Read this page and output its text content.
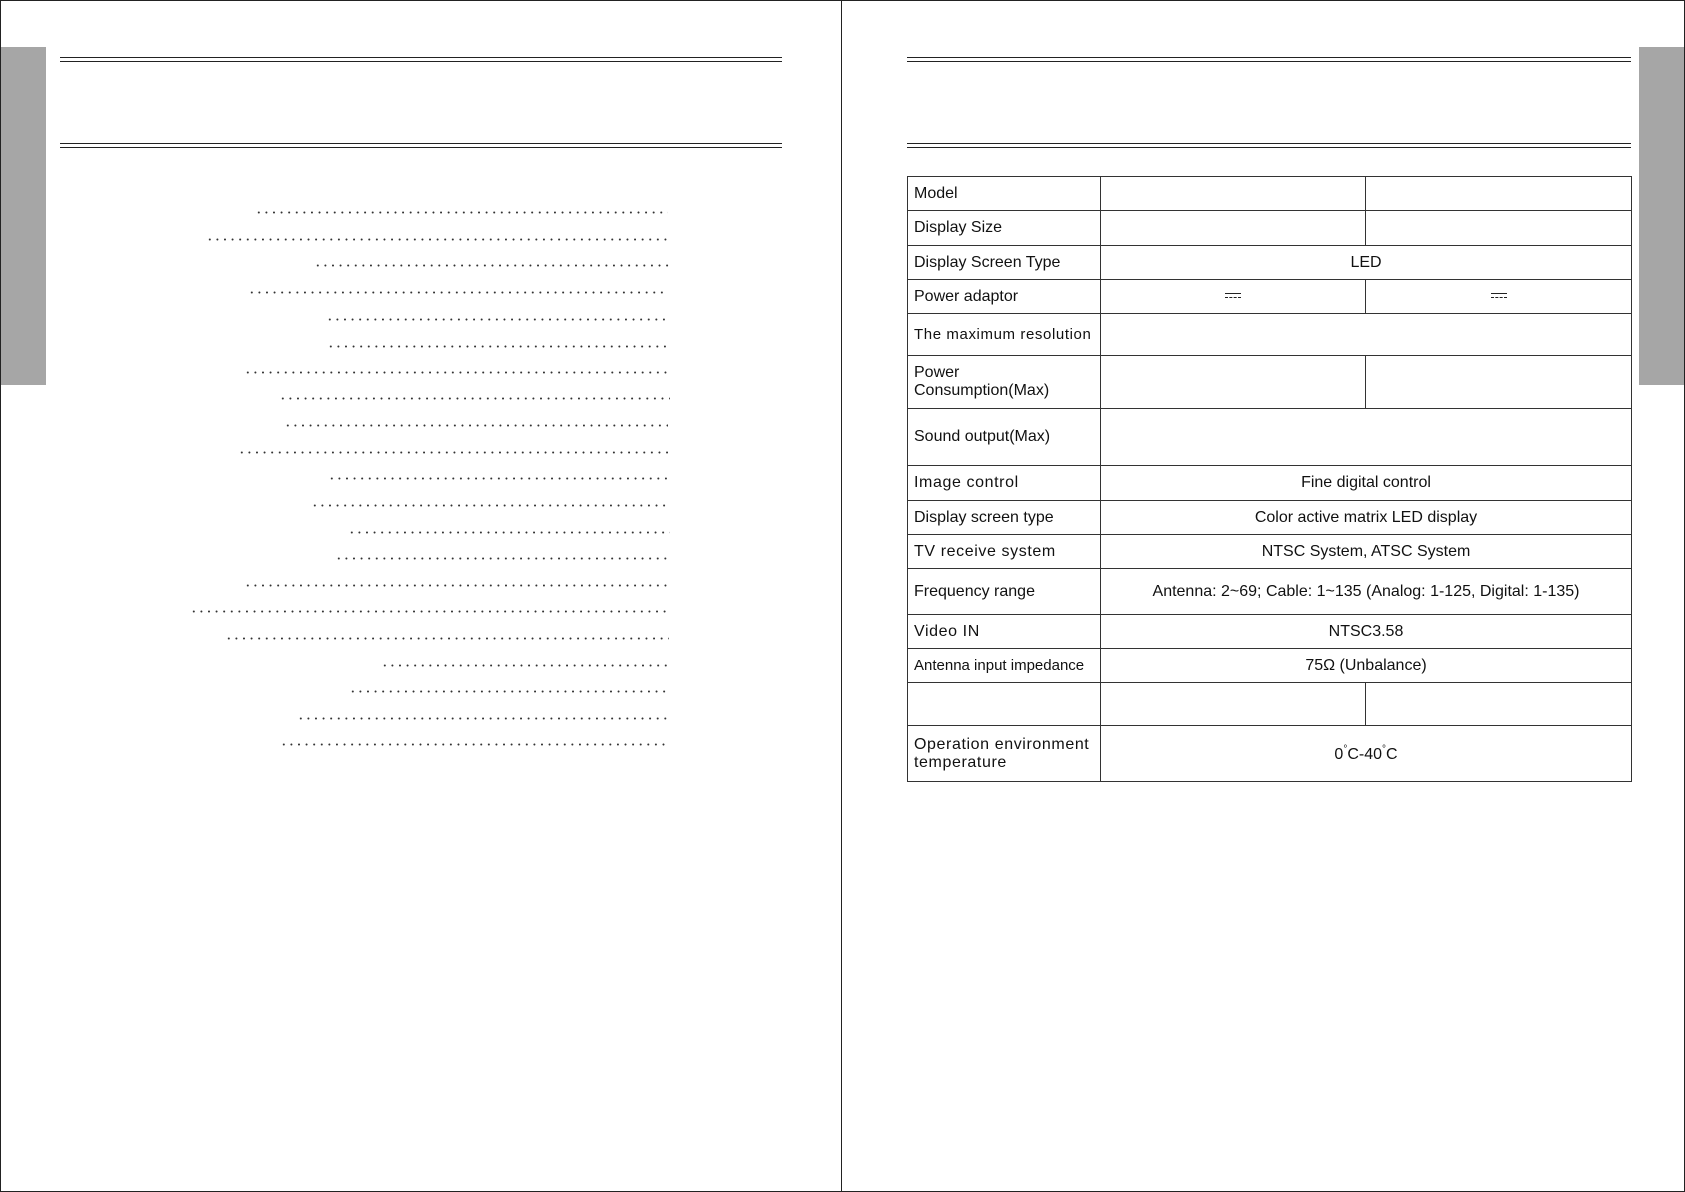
Model		
Display Size		
Display Screen Type	LED	
Power adaptor		
The maximum resolution		
Power Consumption(Max)		
Sound output(Max)		
Image control	Fine digital control	
Display screen type	Color active matrix LED display	
TV receive system	NTSC System, ATSC System	
Frequency range	Antenna: 2~69; Cable: 1~135 (Analog: 1-125, Digital: 1-135)	
Video IN	NTSC3.58	
Antenna input impedance	75Ω (Unbalance)	

Operation environment
temperature	0°C-40°C	
